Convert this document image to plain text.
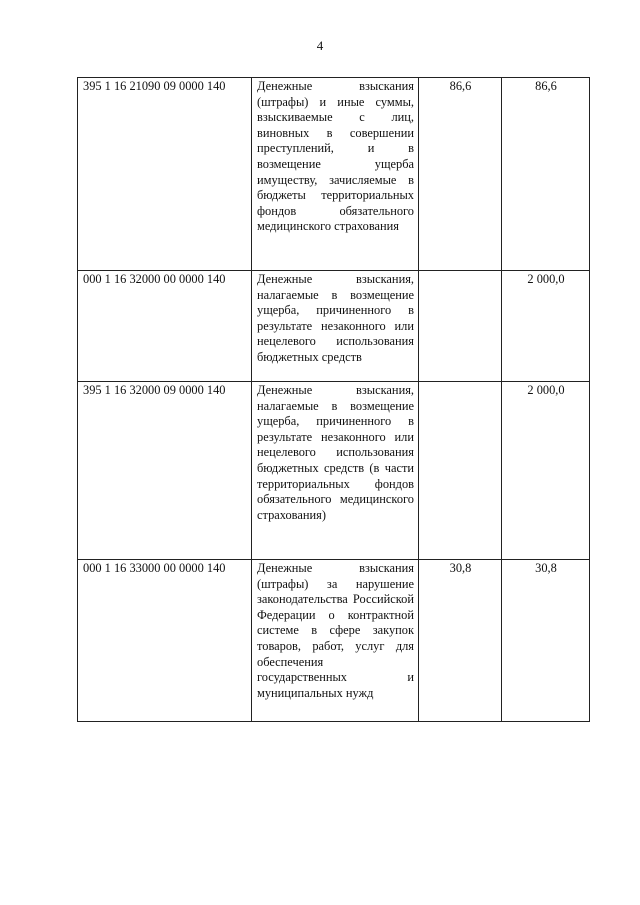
4
395 1 16 21090 09 0000 140	Денежные взыскания (штрафы) и иные суммы, взыскиваемые с лиц, виновных в совершении преступлений, и в возмещение ущерба имуществу, зачисляемые в бюджеты территориальных фондов обязательного медицинского страхования	86,6	86,6
000 1 16 32000 00 0000 140	Денежные взыскания, налагаемые в возмещение ущерба, причиненного в результате незаконного или нецелевого использования бюджетных средств		2 000,0
395 1 16 32000 09 0000 140	Денежные взыскания, налагаемые в возмещение ущерба, причиненного в результате незаконного или нецелевого использования бюджетных средств (в части территориальных фондов обязательного медицинского страхования)		2 000,0
000 1 16 33000 00 0000 140	Денежные взыскания (штрафы) за нарушение законодательства Российской Федерации о контрактной системе в сфере закупок товаров, работ, услуг для обеспечения государственных и муниципальных нужд	30,8	30,8
